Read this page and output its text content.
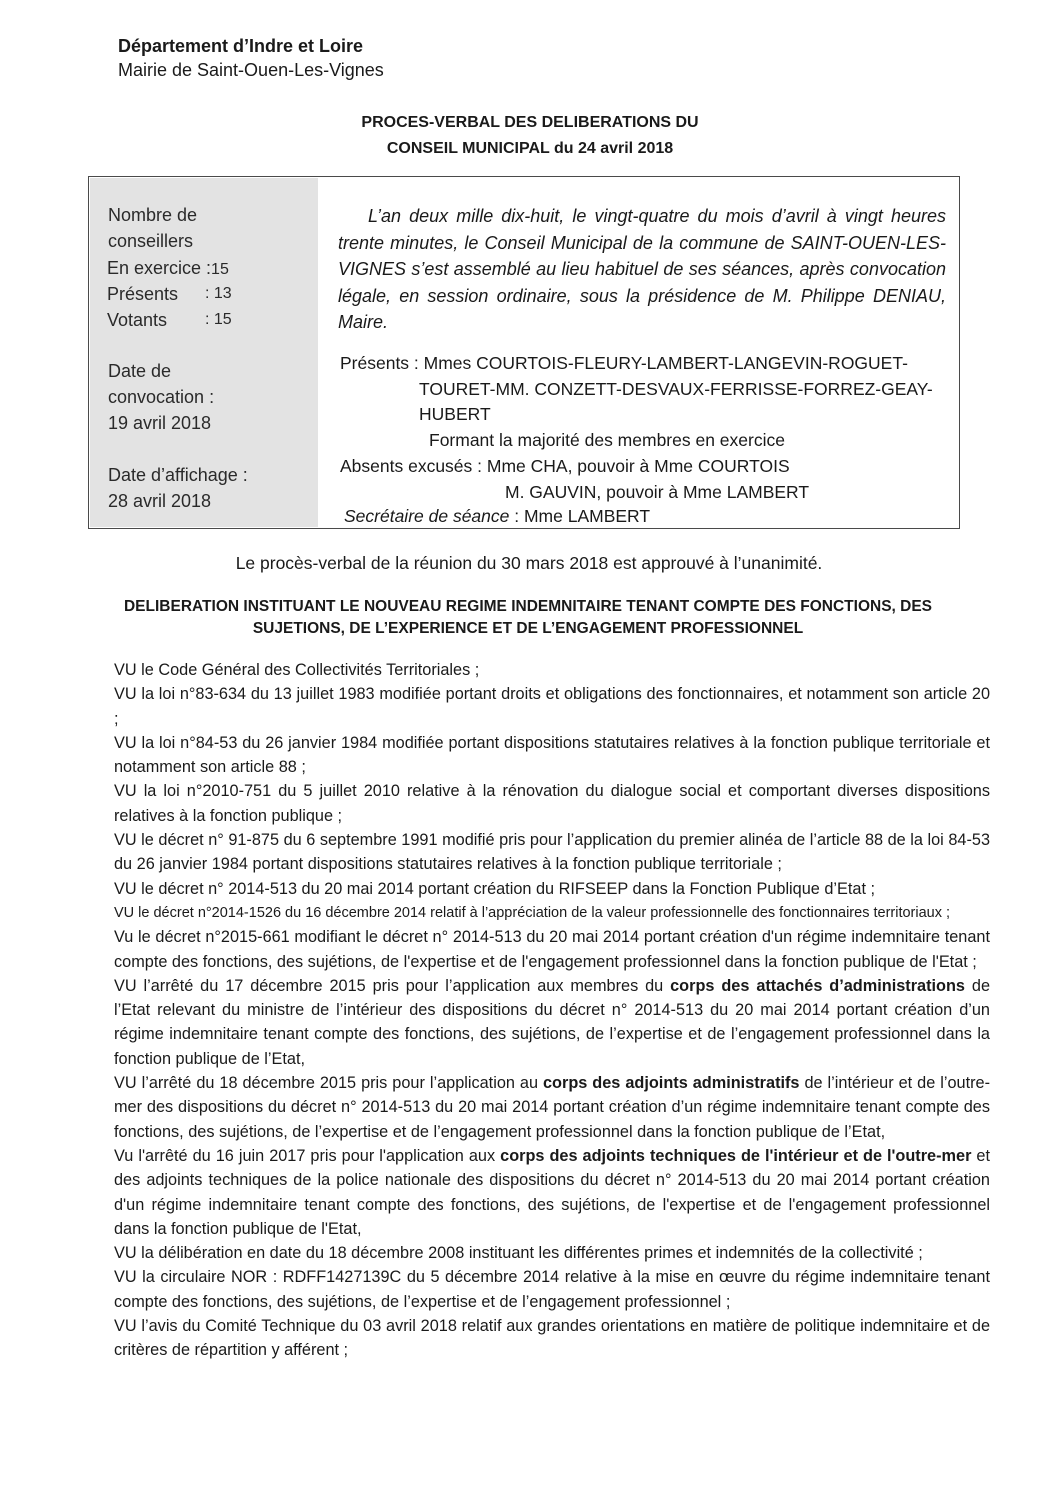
Département d’Indre et Loire
Mairie de Saint-Ouen-Les-Vignes
PROCES-VERBAL DES DELIBERATIONS DU
CONSEIL MUNICIPAL du 24 avril 2018
Nombre de
conseillers
En exercice :15
Présents : 13
Votants : 15
Date de
convocation :
19 avril 2018
Date d’affichage :
28 avril 2018
L’an deux mille dix-huit, le vingt-quatre du mois d’avril à vingt heures trente minutes, le Conseil Municipal de la commune de SAINT-OUEN-LES-VIGNES s’est assemblé au lieu habituel de ses séances, après convocation légale, en session ordinaire, sous la présidence de M. Philippe DENIAU, Maire.
Présents : Mmes COURTOIS-FLEURY-LAMBERT-LANGEVIN-ROGUET-
TOURET-MM. CONZETT-DESVAUX-FERRISSE-FORREZ-GEAY-
HUBERT
Formant la majorité des membres en exercice
Absents excusés : Mme CHA, pouvoir à Mme COURTOIS
M. GAUVIN, pouvoir à Mme LAMBERT
Secrétaire de séance : Mme LAMBERT
Le procès-verbal de la réunion du 30 mars 2018 est approuvé à l’unanimité.
DELIBERATION INSTITUANT LE NOUVEAU REGIME INDEMNITAIRE TENANT COMPTE DES FONCTIONS, DES
SUJETIONS, DE L’EXPERIENCE ET DE L’ENGAGEMENT PROFESSIONNEL

VU le Code Général des Collectivités Territoriales ;

VU la loi n°83-634 du 13 juillet 1983 modifiée portant droits et obligations des fonctionnaires, et notamment son article 20 ;

VU la loi n°84-53 du 26 janvier 1984 modifiée portant dispositions statutaires relatives à la fonction publique territoriale et notamment son article 88 ;

VU la loi n°2010-751 du 5 juillet 2010 relative à la rénovation du dialogue social et comportant diverses dispositions relatives à la fonction publique ;

VU le décret n° 91-875 du 6 septembre 1991 modifié pris pour l’application du premier alinéa de l’article 88 de la loi 84-53 du 26 janvier 1984 portant dispositions statutaires relatives à la fonction publique territoriale ;

VU le décret n° 2014-513 du 20 mai 2014 portant création du RIFSEEP dans la Fonction Publique d’Etat ;

VU le décret n°2014-1526 du 16 décembre 2014 relatif à l’appréciation de la valeur professionnelle des fonctionnaires territoriaux ;

Vu le décret n°2015-661 modifiant le décret n° 2014-513 du 20 mai 2014 portant création d'un régime indemnitaire tenant compte des fonctions, des sujétions, de l'expertise et de l'engagement professionnel dans la fonction publique de l'Etat ;

VU l’arrêté du 17 décembre 2015 pris pour l’application aux membres du corps des attachés d’administrations de l’Etat relevant du ministre de l’intérieur des dispositions du décret n° 2014-513 du 20 mai 2014 portant création d’un régime indemnitaire tenant compte des fonctions, des sujétions, de l’expertise et de l’engagement professionnel dans la fonction publique de l’Etat,

VU l’arrêté du 18 décembre 2015 pris pour l’application au corps des adjoints administratifs de l’intérieur et de l’outre-mer des dispositions du décret n° 2014-513 du 20 mai 2014 portant création d’un régime indemnitaire tenant compte des fonctions, des sujétions, de l’expertise et de l’engagement professionnel dans la fonction publique de l’Etat,

Vu l'arrêté du 16 juin 2017 pris pour l'application aux corps des adjoints techniques de l'intérieur et de l'outre-mer et des adjoints techniques de la police nationale des dispositions du décret n° 2014-513 du 20 mai 2014 portant création d'un régime indemnitaire tenant compte des fonctions, des sujétions, de l'expertise et de l'engagement professionnel dans la fonction publique de l'Etat,

VU la délibération en date du 18 décembre 2008 instituant les différentes primes et indemnités de la collectivité ;

VU la circulaire NOR : RDFF1427139C du 5 décembre 2014 relative à la mise en œuvre du régime indemnitaire tenant compte des fonctions, des sujétions, de l’expertise et de l’engagement professionnel ;

VU l’avis du Comité Technique du 03 avril 2018 relatif aux grandes orientations en matière de politique indemnitaire et de critères de répartition y afférent ;
